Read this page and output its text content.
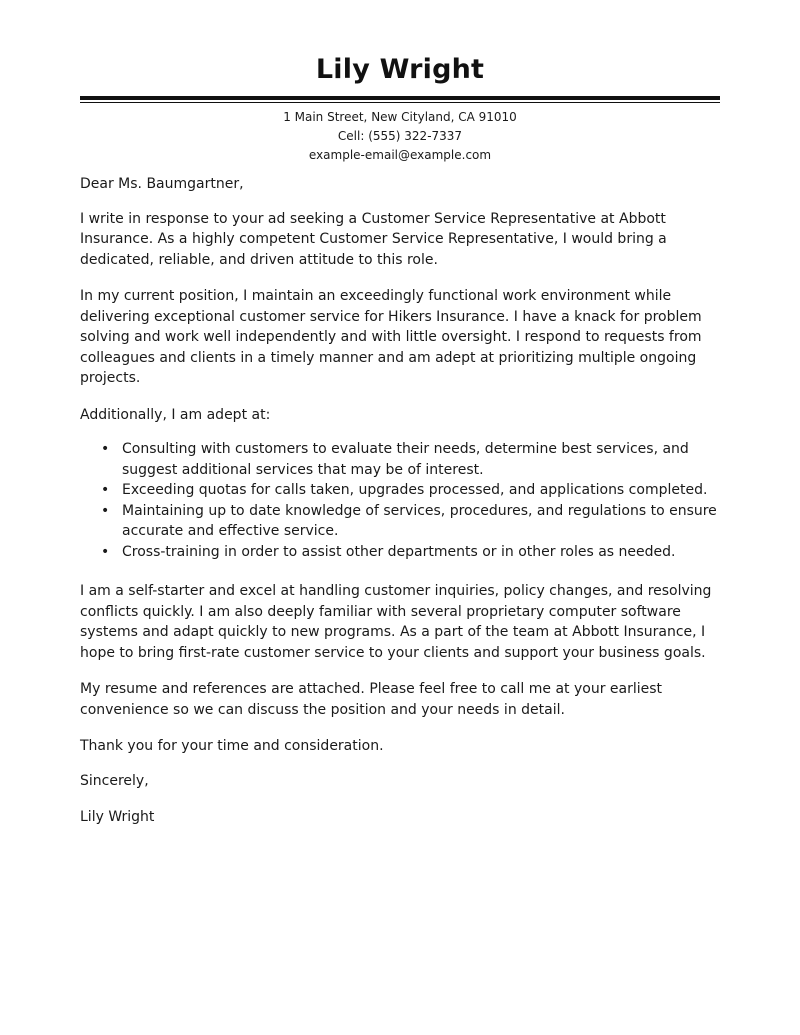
Lily Wright
1 Main Street, New Cityland, CA 91010
Cell: (555) 322-7337
example-email@example.com

Dear Ms. Baumgartner,

I write in response to your ad seeking a Customer Service Representative at Abbott Insurance. As a highly competent Customer Service Representative, I would bring a dedicated, reliable, and driven attitude to this role.

In my current position, I maintain an exceedingly functional work environment while delivering exceptional customer service for Hikers Insurance. I have a knack for problem solving and work well independently and with little oversight. I respond to requests from colleagues and clients in a timely manner and am adept at prioritizing multiple ongoing projects.

Additionally, I am adept at:

• Consulting with customers to evaluate their needs, determine best services, and suggest additional services that may be of interest.
• Exceeding quotas for calls taken, upgrades processed, and applications completed.
• Maintaining up to date knowledge of services, procedures, and regulations to ensure accurate and effective service.
• Cross-training in order to assist other departments or in other roles as needed.

I am a self-starter and excel at handling customer inquiries, policy changes, and resolving conflicts quickly. I am also deeply familiar with several proprietary computer software systems and adapt quickly to new programs. As a part of the team at Abbott Insurance, I hope to bring first-rate customer service to your clients and support your business goals.

My resume and references are attached. Please feel free to call me at your earliest convenience so we can discuss the position and your needs in detail.

Thank you for your time and consideration.

Sincerely,

Lily Wright
